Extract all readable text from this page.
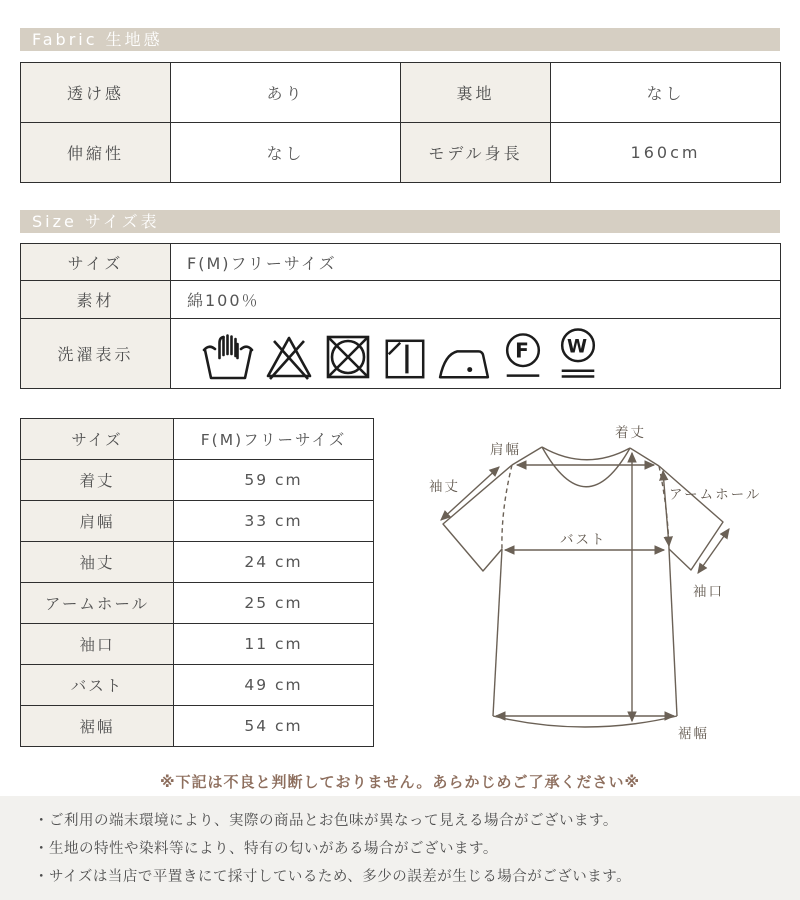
Fabric 生地感
透け感	あり	裏地	なし
伸縮性	なし	モデル身長	160cm
Size サイズ表
サイズ	F(M)フリーサイズ
素材	綿100％
洗濯表示	F W
サイズ	F(M)フリーサイズ
着丈	59 cm
肩幅	33 cm
袖丈	24 cm
アームホール	25 cm
袖口	11 cm
バスト	49 cm
裾幅	54 cm
肩幅
着丈
袖丈	アームホール
バスト
袖口
裾幅
※下記は不良と判断しておりません。あらかじめご了承ください※

・ご利用の端末環境により、実際の商品とお色味が異なって見える場合がございます。

・生地の特性や染料等により、特有の匂いがある場合がございます。

・サイズは当店で平置きにて採寸しているため、多少の誤差が生じる場合がございます。
